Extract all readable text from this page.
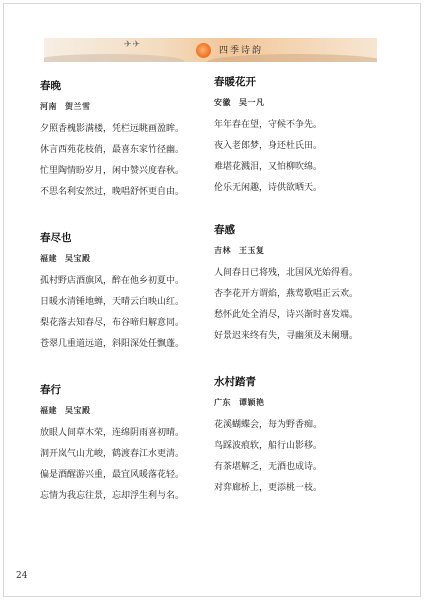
✈✈
四季诗韵
春晚
河南 贺兰雪
夕照香槐影满楼，凭栏远眺画盈眸。
休言西苑花枝俏，最喜东家竹径幽。
忙里陶情盼岁月，闲中赞兴度春秋。
不思名利安然过，晚唱舒怀更自由。
春尽也
福建 吴宝殿
孤村野店酒旗风，醉在他乡初夏中。
日暖水清锤地蝉，天晴云白映山红。
梨花落去知春尽，布谷啼归解意同。
苍翠几重道远道，斜阳深处任飘蓬。
春行
福建 吴宝殿
放眼人间草木荣，连绵阴雨喜初晴。
洞开岚气山尤峻，鹤渡春江水更清。
偏是酒醒游兴重，最宜风暖落花轻。
忘情为我忘往景，忘却浮生利与名。
春暖花开
安徽 吴一凡
年年春在望，守候不争先。
夜入老郎梦，身还杜氏田。
难堪花溅泪，又怕柳吹绵。
伦乐无闲趣，诗供欲晒天。
春感
吉林 王玉复
人间春日已将残，北国风光始得看。
杏李花开方谓焰，燕莺歌唱正云欢。
愁怀此处全消尽，诗兴渐时喜发端。
好景迟来终有失，寻幽须及未阑珊。
水村踏青
广东 谭颖艳
花溪蝴蝶会，每为野香痴。
鸟踩波痕软，船行山影移。
有茶堪解乏，无酒也成诗。
对弈廊桥上，更添桃一枝。
24
